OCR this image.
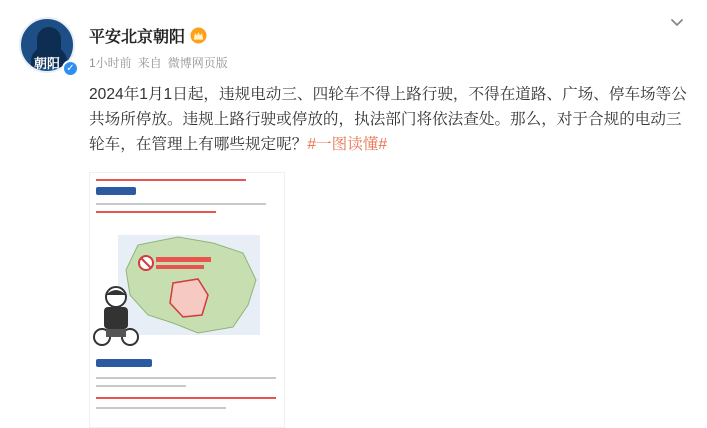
朝阳 ✓
平安北京朝阳
1小时前 来自 微博网页版
2024年1月1日起，违规电动三、四轮车不得上路行驶，不得在道路、广场、停车场等公共场所停放。违规上路行驶或停放的，执法部门将依法查处。那么，对于合规的电动三轮车，在管理上有哪些规定呢？#一图读懂#
